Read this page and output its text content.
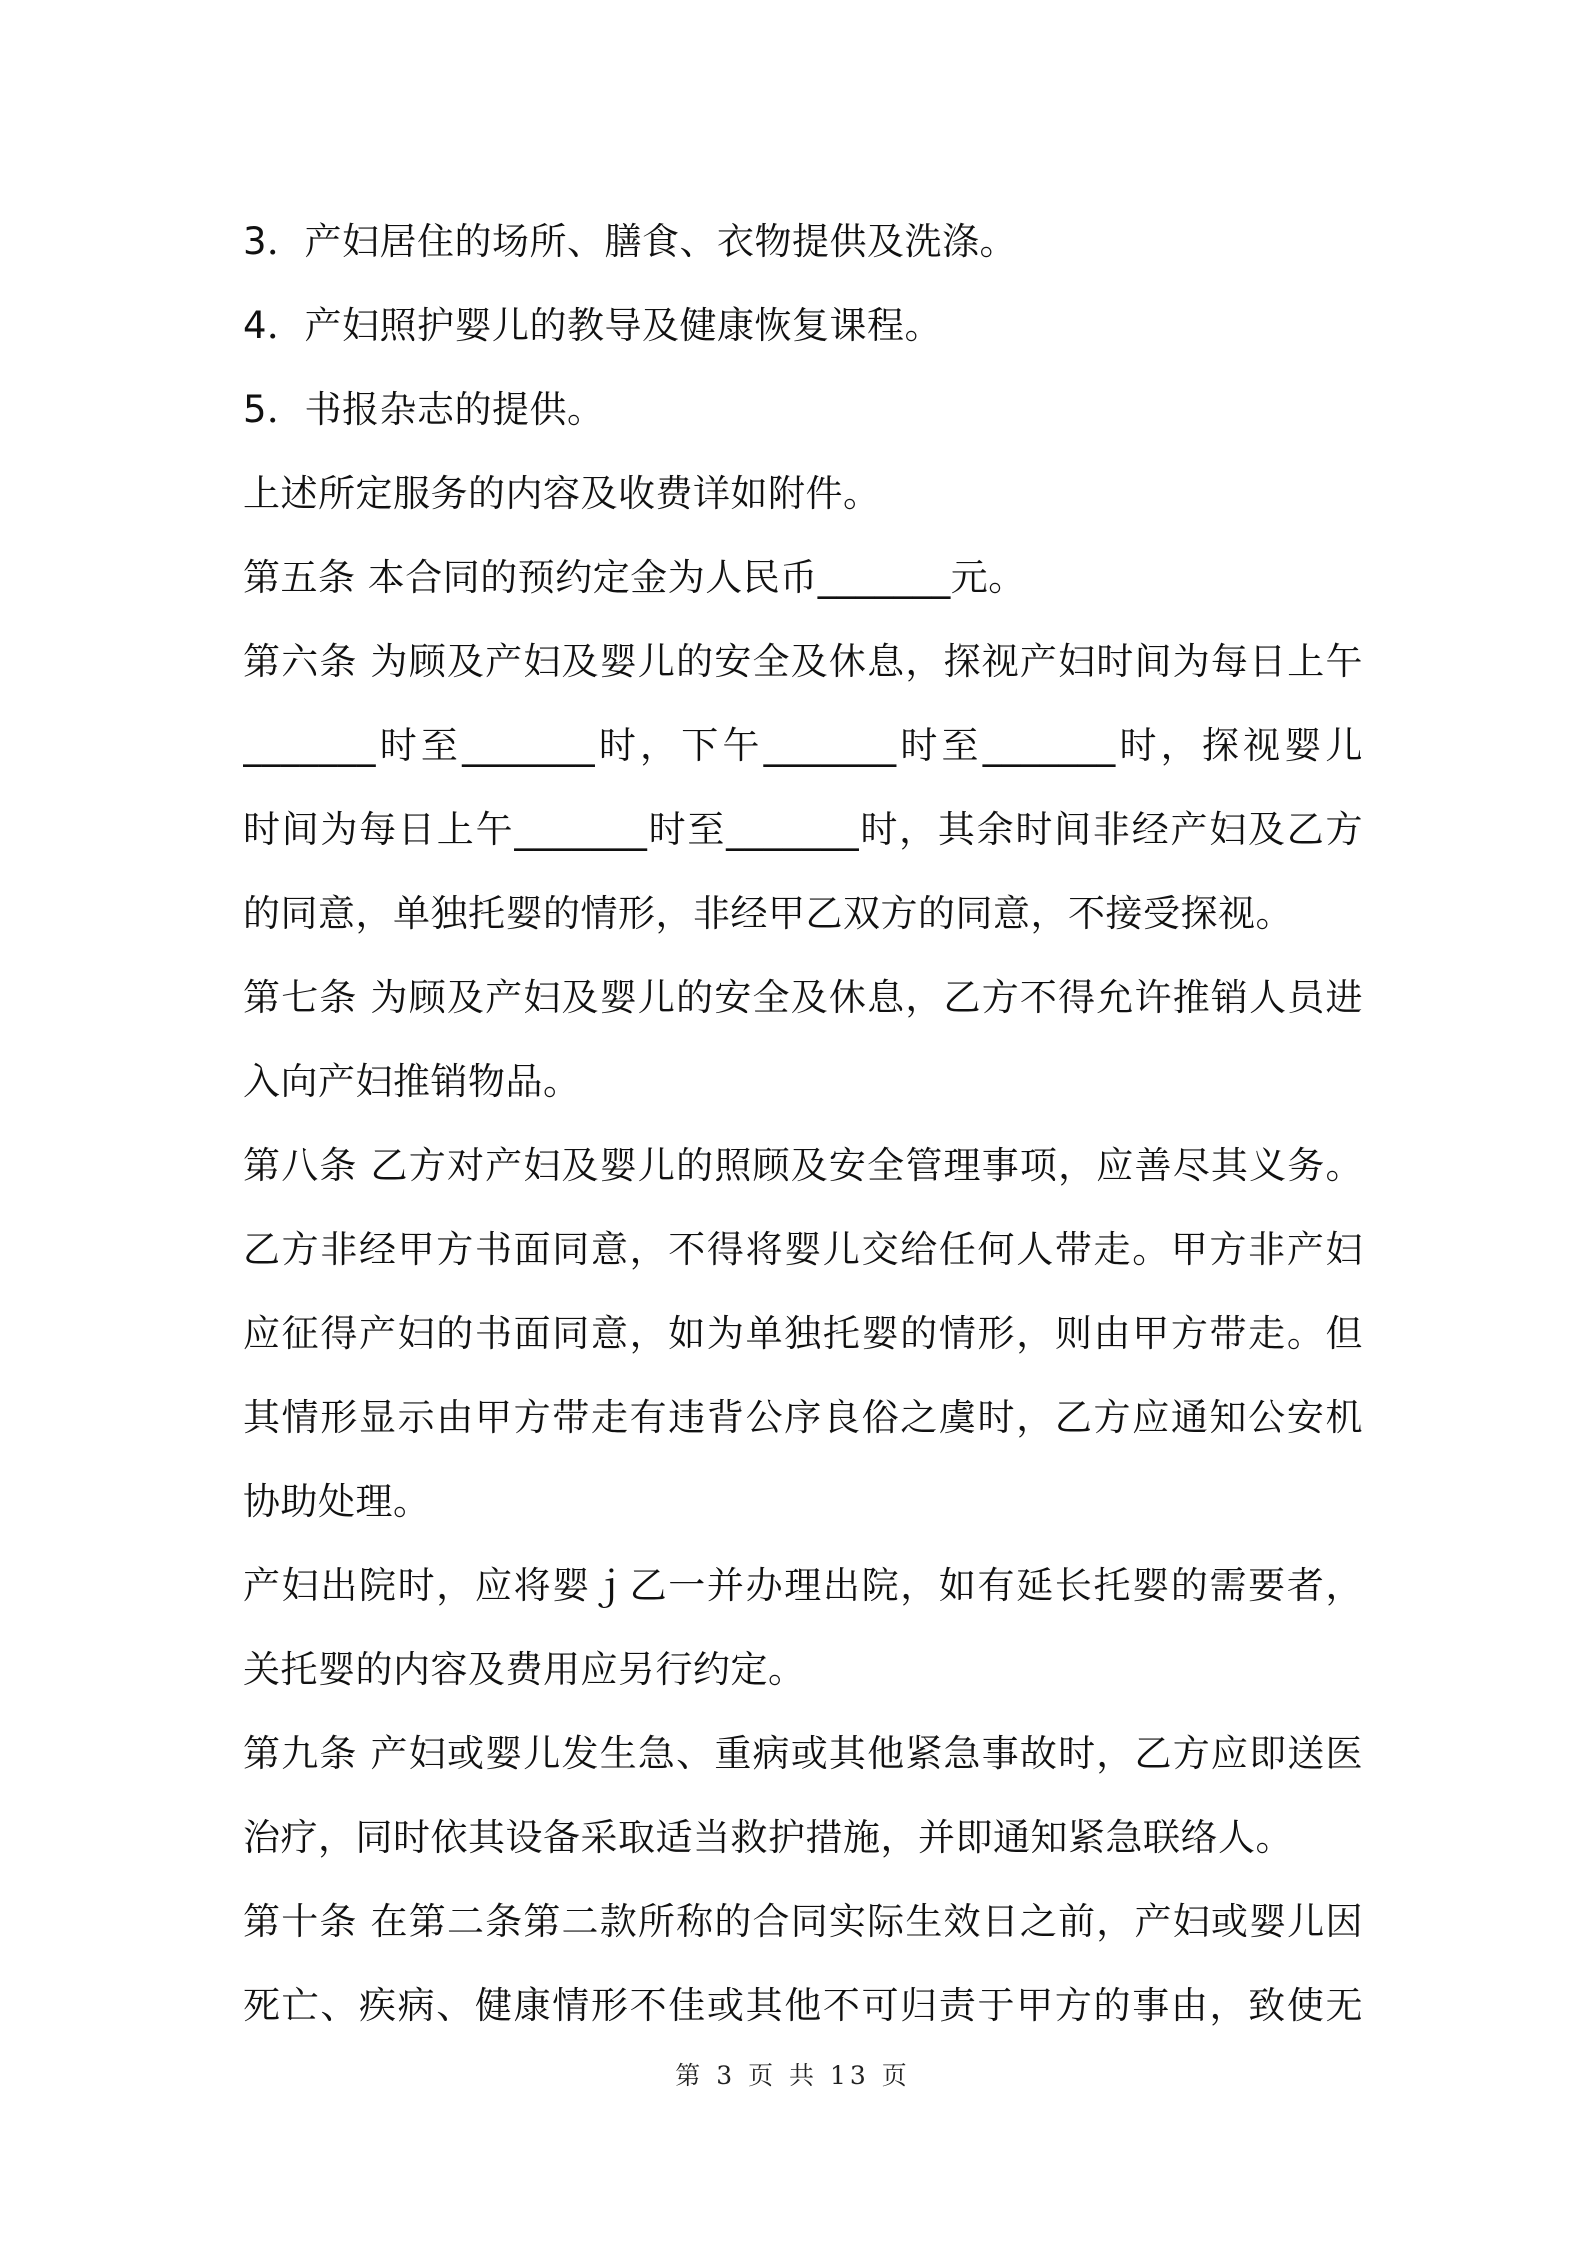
3．产妇居住的场所、膳食、衣物提供及洗涤。
4．产妇照护婴儿的教导及健康恢复课程。
5．书报杂志的提供。
上述所定服务的内容及收费详如附件。
第五条 本合同的预约定金为人民币_______元。
第六条 为顾及产妇及婴儿的安全及休息，探视产妇时间为每日上午
_______时至_______时，下午_______时至_______时，探视婴儿
时间为每日上午_______时至_______时，其余时间非经产妇及乙方
的同意，单独托婴的情形，非经甲乙双方的同意，不接受探视。
第七条 为顾及产妇及婴儿的安全及休息，乙方不得允许推销人员进
入向产妇推销物品。
第八条 乙方对产妇及婴儿的照顾及安全管理事项，应善尽其义务。
乙方非经甲方书面同意，不得将婴儿交给任何人带走。甲方非产妇
应征得产妇的书面同意，如为单独托婴的情形，则由甲方带走。但
其情形显示由甲方带走有违背公序良俗之虞时，乙方应通知公安机
协助处理。
产妇出院时，应将婴ｊ乙一并办理出院，如有延长托婴的需要者，
关托婴的内容及费用应另行约定。
第九条 产妇或婴儿发生急、重病或其他紧急事故时，乙方应即送医
治疗，同时依其设备采取适当救护措施，并即通知紧急联络人。
第十条 在第二条第二款所称的合同实际生效日之前，产妇或婴儿因
死亡、疾病、健康情形不佳或其他不可归责于甲方的事由，致使无
第 3 页 共 13 页
